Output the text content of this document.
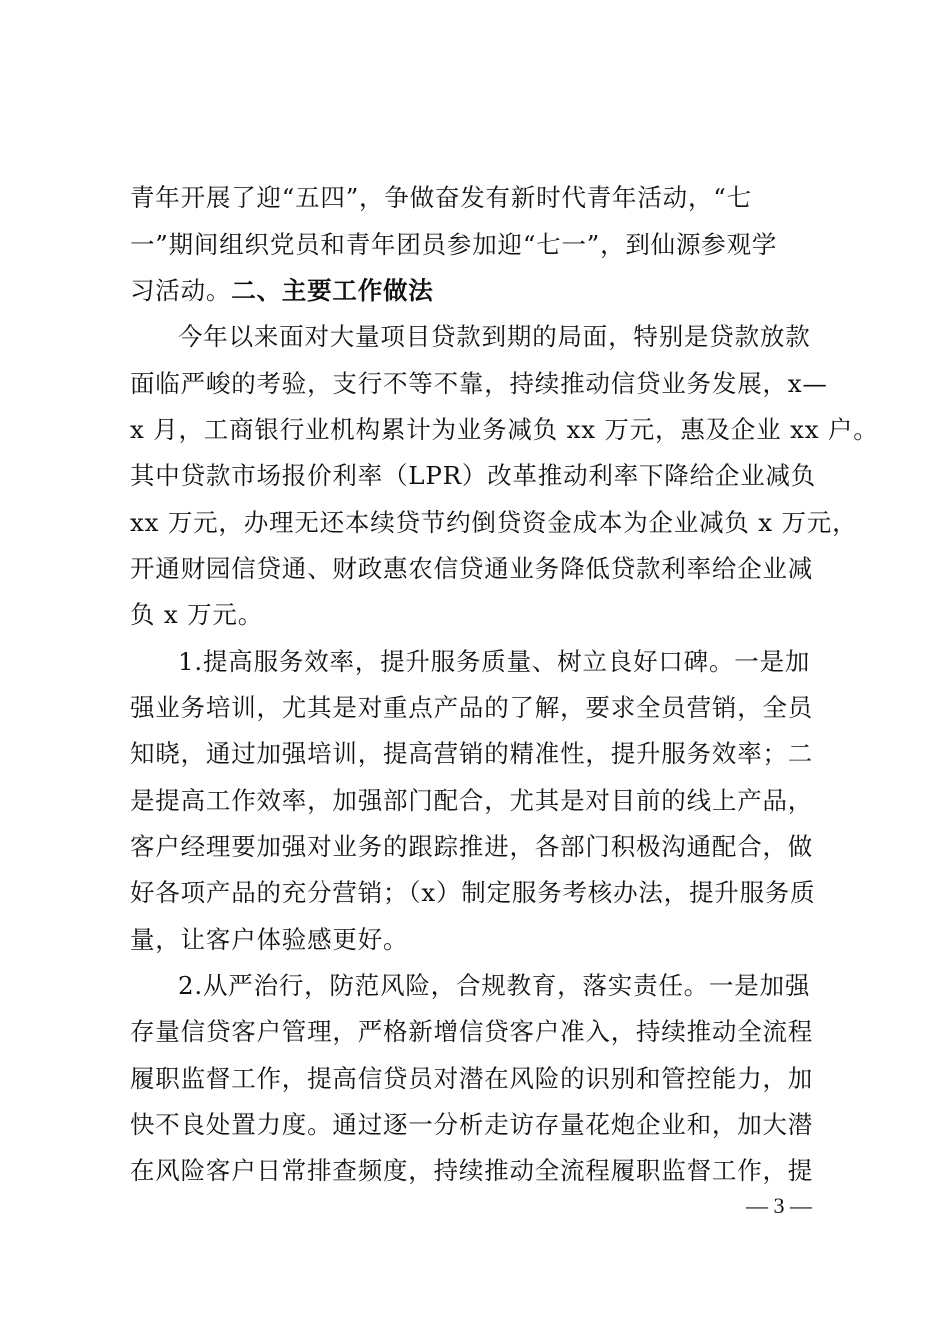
青年开展了迎“五四”，争做奋发有新时代青年活动，“七
一”期间组织党员和青年团员参加迎“七一”，到仙源参观学
习活动。二、主要工作做法
今年以来面对大量项目贷款到期的局面，特别是贷款放款
面临严峻的考验，支行不等不靠，持续推动信贷业务发展，x—
x 月，工商银行业机构累计为业务减负 xx 万元，惠及企业 xx 户。
其中贷款市场报价利率（LPR）改革推动利率下降给企业减负
xx 万元，办理无还本续贷节约倒贷资金成本为企业减负 x 万元，
开通财园信贷通、财政惠农信贷通业务降低贷款利率给企业减
负 x 万元。
1.提高服务效率，提升服务质量、树立良好口碑。一是加
强业务培训，尤其是对重点产品的了解，要求全员营销，全员
知晓，通过加强培训，提高营销的精准性，提升服务效率；二
是提高工作效率，加强部门配合，尤其是对目前的线上产品，
客户经理要加强对业务的跟踪推进，各部门积极沟通配合，做
好各项产品的充分营销；（x）制定服务考核办法，提升服务质
量，让客户体验感更好。
2.从严治行，防范风险，合规教育，落实责任。一是加强
存量信贷客户管理，严格新增信贷客户准入，持续推动全流程
履职监督工作，提高信贷员对潜在风险的识别和管控能力，加
快不良处置力度。通过逐一分析走访存量花炮企业和，加大潜
在风险客户日常排查频度，持续推动全流程履职监督工作，提
— 3 —
